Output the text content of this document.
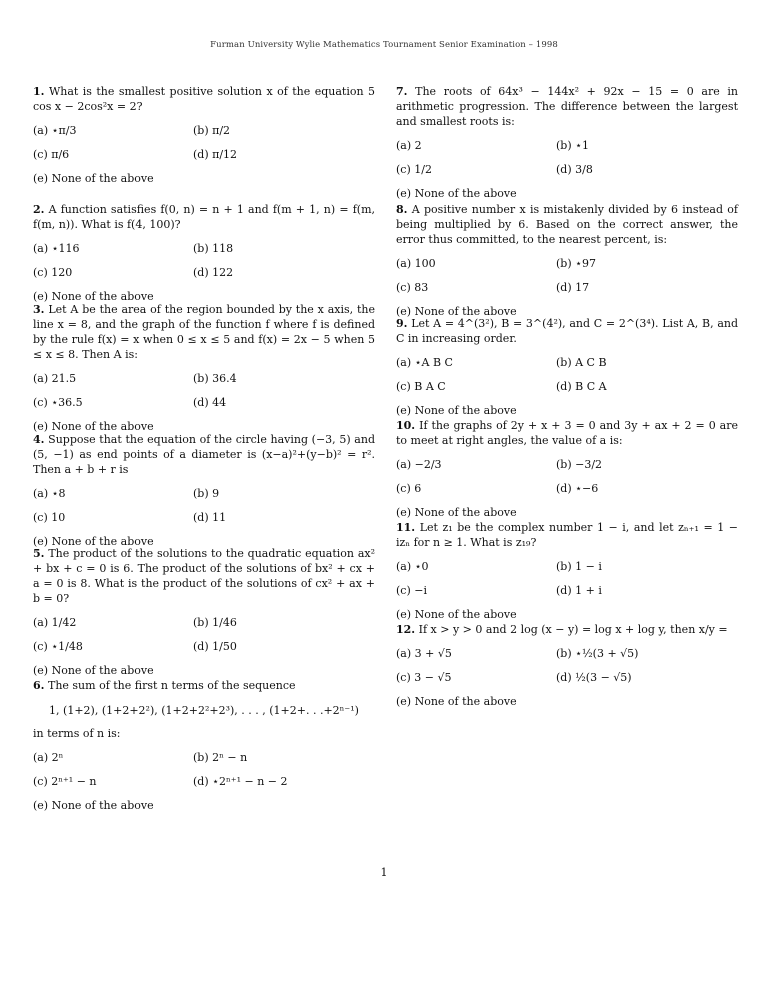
Furman University Wylie Mathematics Tournament Senior Examination – 1998

1. What is the smallest positive solution x of the equation 5 cos x − 2cos²x = 2?

(a) ⋆π/3	(b) π/2
(c) π/6	(d) π/12
(e) None of the above

2. A function satisfies f(0, n) = n + 1 and f(m + 1, n) = f(m, f(m, n)). What is f(4, 100)?

(a) ⋆116	(b) 118
(c) 120	(d) 122
(e) None of the above

3. Let A be the area of the region bounded by the x axis, the line x = 8, and the graph of the function f where f is defined by the rule f(x) = x when 0 ≤ x ≤ 5 and f(x) = 2x − 5 when 5 ≤ x ≤ 8. Then A is:

(a) 21.5	(b) 36.4
(c) ⋆36.5	(d) 44
(e) None of the above

4. Suppose that the equation of the circle having (−3, 5) and (5, −1) as end points of a diameter is (x−a)²+(y−b)² = r². Then a + b + r is

(a) ⋆8	(b) 9
(c) 10	(d) 11
(e) None of the above

5. The product of the solutions to the quadratic equation ax² + bx + c = 0 is 6. The product of the solutions of bx² + cx + a = 0 is 8. What is the product of the solutions of cx² + ax + b = 0?

(a) 1/42	(b) 1/46
(c) ⋆1/48	(d) 1/50
(e) None of the above

6. The sum of the first n terms of the sequence

1, (1+2), (1+2+2²), (1+2+2²+2³), . . . , (1+2+. . .+2ⁿ⁻¹)

in terms of n is:

(a) 2ⁿ	(b) 2ⁿ − n
(c) 2ⁿ⁺¹ − n	(d) ⋆2ⁿ⁺¹ − n − 2
(e) None of the above

7. The roots of 64x³ − 144x² + 92x − 15 = 0 are in arithmetic progression. The difference between the largest and smallest roots is:

(a) 2	(b) ⋆1
(c) 1/2	(d) 3/8
(e) None of the above

8. A positive number x is mistakenly divided by 6 instead of being multiplied by 6. Based on the correct answer, the error thus committed, to the nearest percent, is:

(a) 100	(b) ⋆97
(c) 83	(d) 17
(e) None of the above

9. Let A = 4^(3²), B = 3^(4²), and C = 2^(3⁴). List A, B, and C in increasing order.

(a) ⋆A B C	(b) A C B
(c) B A C	(d) B C A
(e) None of the above

10. If the graphs of 2y + x + 3 = 0 and 3y + ax + 2 = 0 are to meet at right angles, the value of a is:

(a) −2/3	(b) −3/2
(c) 6	(d) ⋆−6
(e) None of the above

11. Let z₁ be the complex number 1 − i, and let zₙ₊₁ = 1 − izₙ for n ≥ 1. What is z₁₉?

(a) ⋆0	(b) 1 − i
(c) −i	(d) 1 + i
(e) None of the above

12. If x > y > 0 and 2 log (x − y) = log x + log y, then x/y =

(a) 3 + √5	(b) ⋆½(3 + √5)
(c) 3 − √5	(d) ½(3 − √5)
(e) None of the above
1
